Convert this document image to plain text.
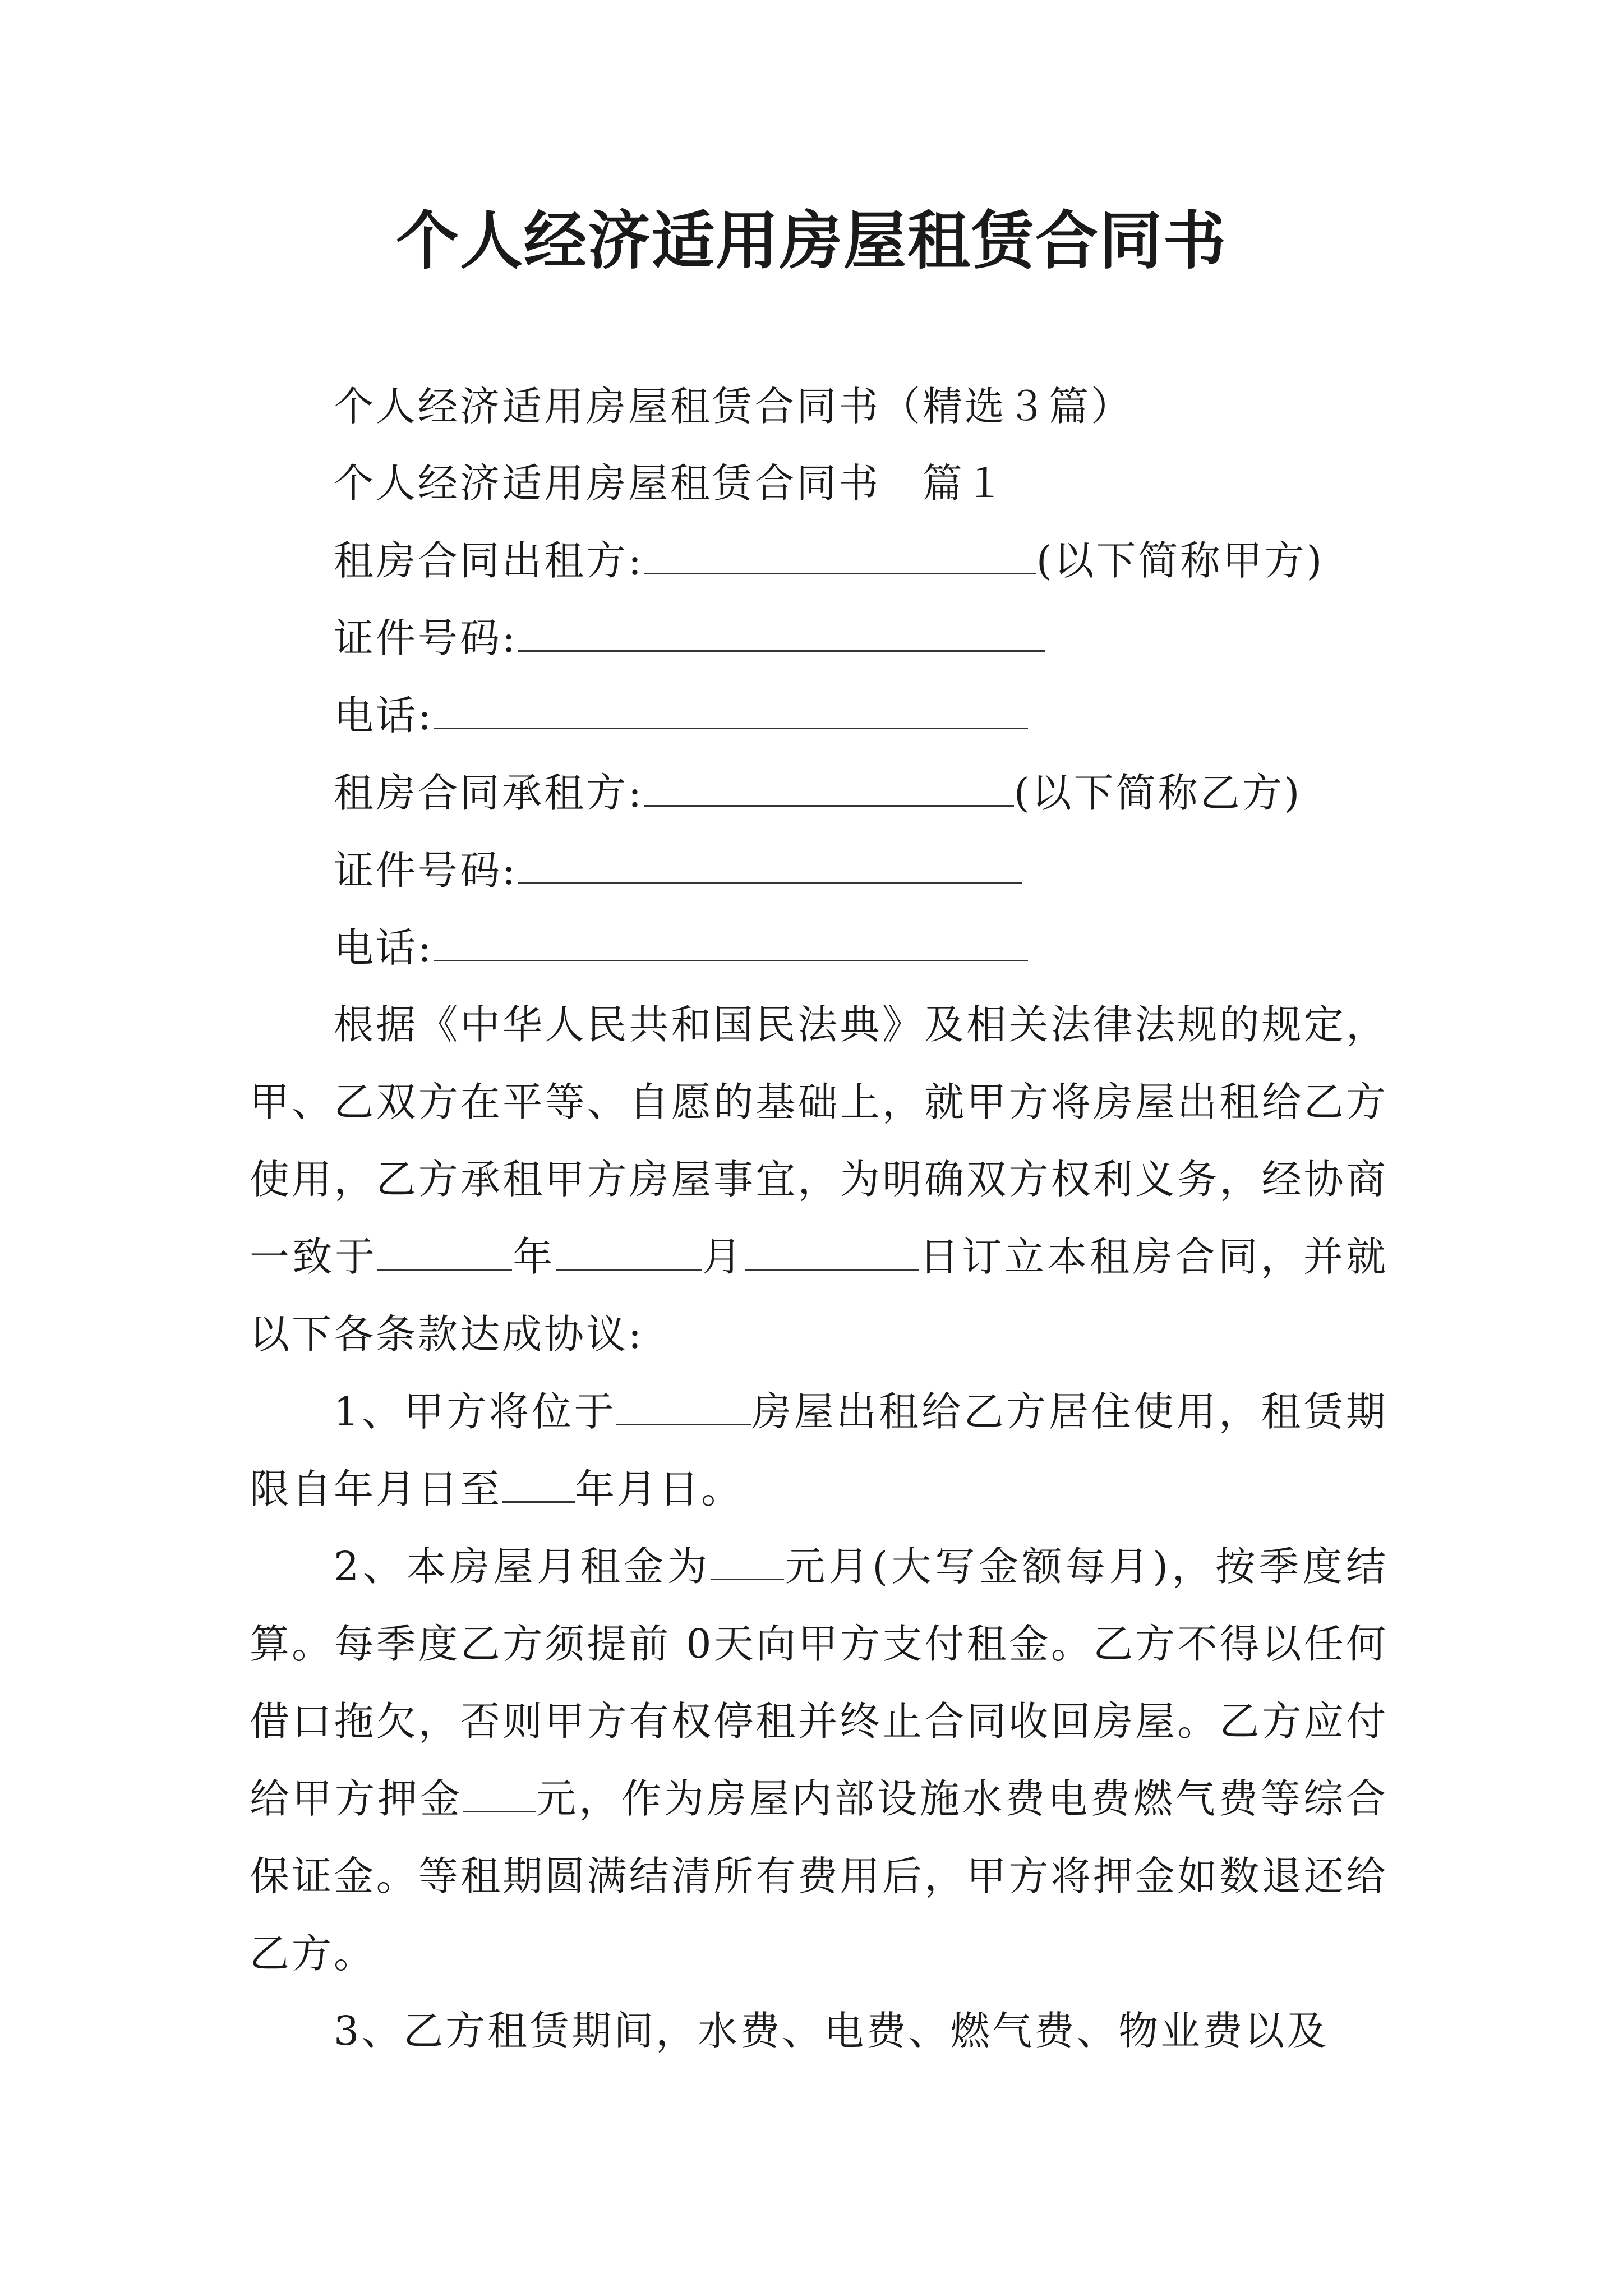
个人经济适用房屋租赁合同书
个人经济适用房屋租赁合同书（精选３篇）
个人经济适用房屋租赁合同书　篇１
租房合同出租方:	(以下简称甲方)
证件号码:
电话:
租房合同承租方:	(以下简称乙方)
证件号码:
电话:
根据《中华人民共和国民法典》及相关法律法规的规定，甲、乙双方在平等、自愿的基础上，就甲方将房屋出租给乙方使用，乙方承租甲方房屋事宜，为明确双方权利义务，经协商一致于	年	月	日订立本租房合同，并就以下各条款达成协议:
1、甲方将位于	房屋出租给乙方居住使用，租赁期限自年月日至 年月日。
2、本房屋月租金为 元月(大写金额每月)，按季度结算。每季度乙方须提前 0天向甲方支付租金。乙方不得以任何借口拖欠，否则甲方有权停租并终止合同收回房屋。乙方应付给甲方押金 元，作为房屋内部设施水费电费燃气费等综合保证金。等租期圆满结清所有费用后，甲方将押金如数退还给乙方。
3、乙方租赁期间，水费、电费、燃气费、物业费以及
